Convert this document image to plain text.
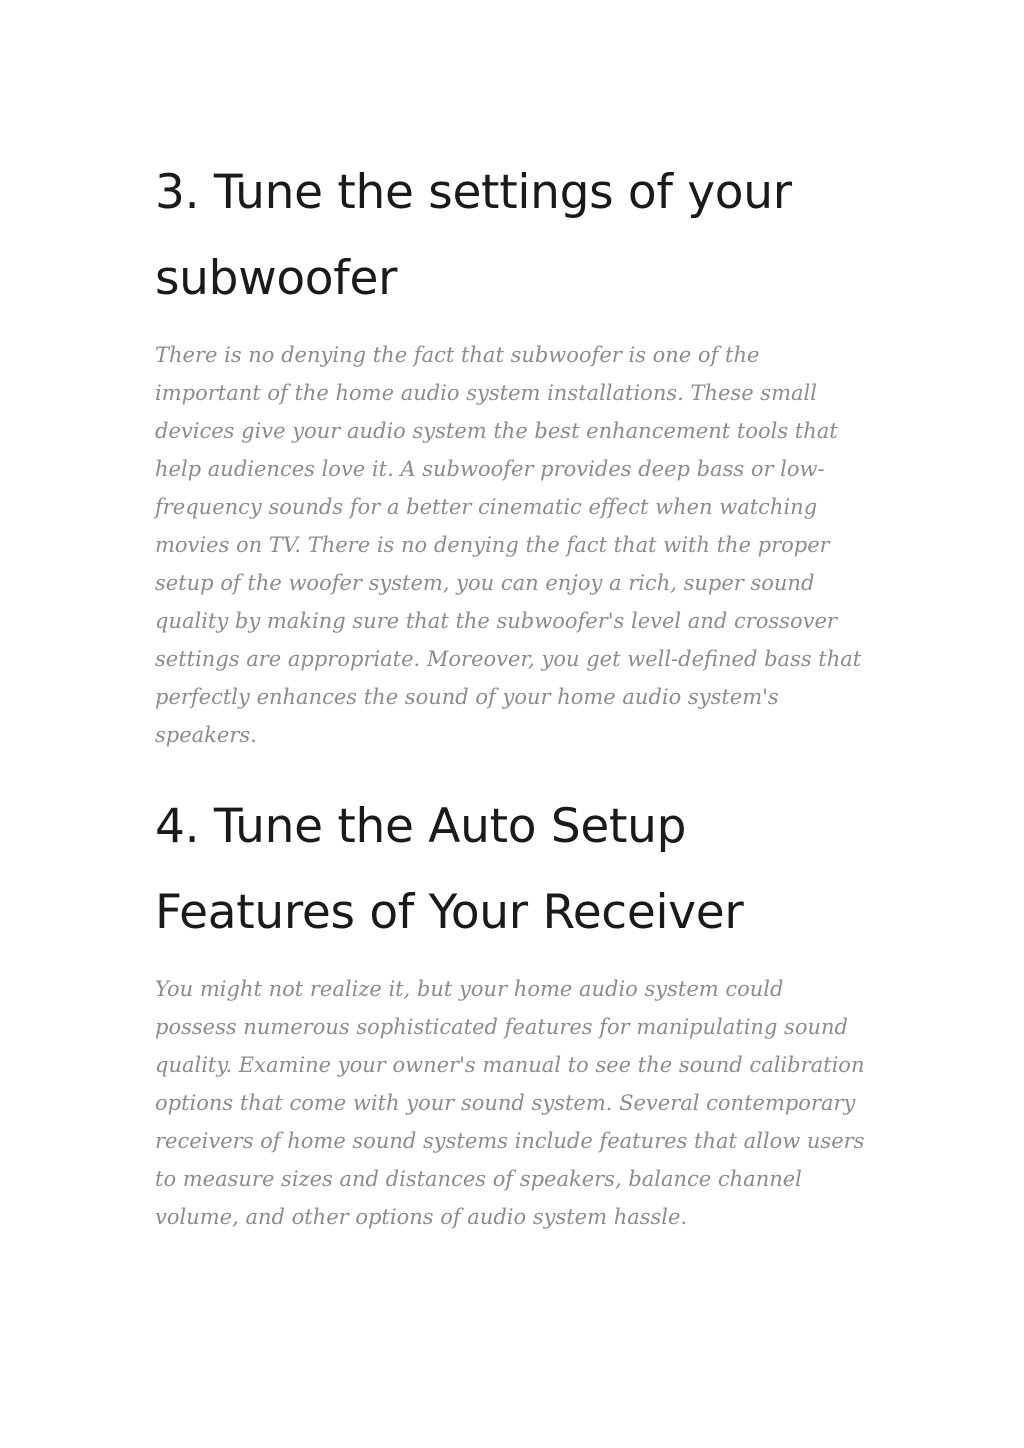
3. Tune the settings of your subwoofer

There is no denying the fact that subwoofer is one of the important of the home audio system installations. These small devices give your audio system the best enhancement tools that help audiences love it. A subwoofer provides deep bass or low-frequency sounds for a better cinematic effect when watching movies on TV. There is no denying the fact that with the proper setup of the woofer system, you can enjoy a rich, super sound quality by making sure that the subwoofer's level and crossover settings are appropriate. Moreover, you get well-defined bass that perfectly enhances the sound of your home audio system's speakers.

4. Tune the Auto Setup Features of Your Receiver

You might not realize it, but your home audio system could possess numerous sophisticated features for manipulating sound quality. Examine your owner's manual to see the sound calibration options that come with your sound system. Several contemporary receivers of home sound systems include features that allow users to measure sizes and distances of speakers, balance channel volume, and other options of audio system hassle.
